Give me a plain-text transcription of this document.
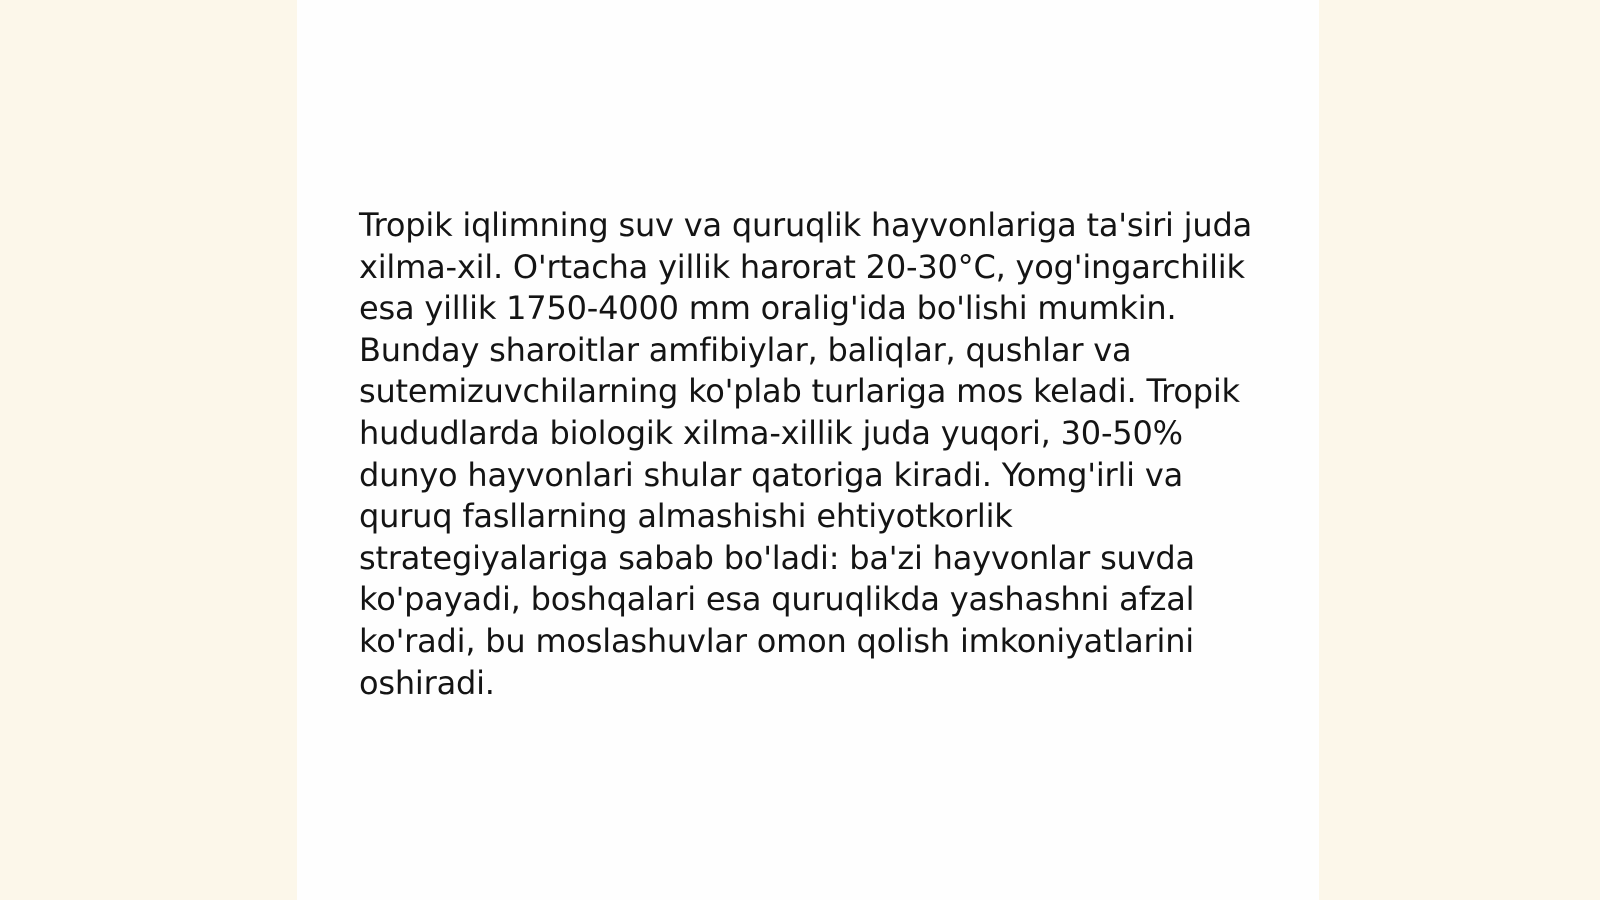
Tropik iqlimning suv va quruqlik hayvonlariga ta'siri juda xilma-xil. O'rtacha yillik harorat 20-30°C, yog'ingarchilik esa yillik 1750-4000 mm oralig'ida bo'lishi mumkin. Bunday sharoitlar amfibiylar, baliqlar, qushlar va sutemizuvchilarning ko'plab turlariga mos keladi. Tropik hududlarda biologik xilma-xillik juda yuqori, 30-50% dunyo hayvonlari shular qatoriga kiradi. Yomg'irli va quruq fasllarning almashishi ehtiyotkorlik strategiyalariga sabab bo'ladi: ba'zi hayvonlar suvda ko'payadi, boshqalari esa quruqlikda yashashni afzal ko'radi, bu moslashuvlar omon qolish imkoniyatlarini oshiradi.
